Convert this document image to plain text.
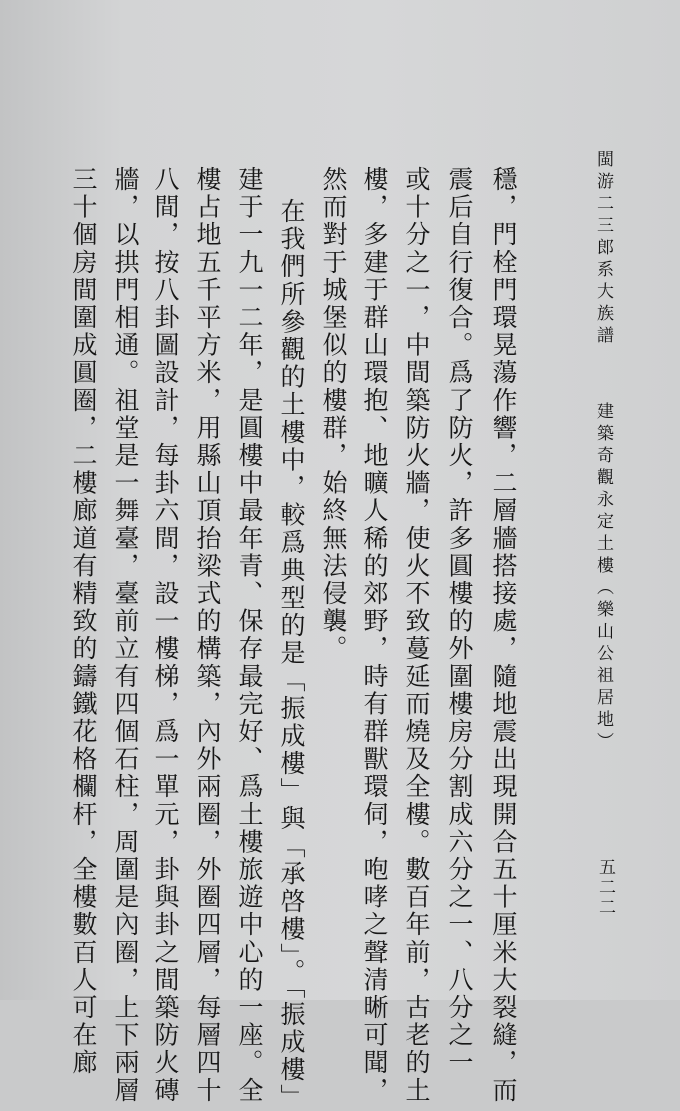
閩游二三郎系大族譜
建築奇觀永定土樓（樂山公祖居地）
五二二
穩，門栓門環晃蕩作響，二層牆搭接處，隨地震出現開合五十厘米大裂縫，而
震后自行復合。爲了防火，許多圓樓的外圍樓房分割成六分之一、八分之一
或十分之一，中間築防火牆，使火不致蔓延而燒及全樓。數百年前，古老的土
樓，多建于群山環抱、地曠人稀的郊野，時有群獸環伺，咆哮之聲清晰可聞，
然而對于城堡似的樓群，始終無法侵襲。
在我們所參觀的土樓中，較爲典型的是「振成樓」與「承啓樓」。「振成樓」
建于一九一二年，是圓樓中最年青、保存最完好、爲土樓旅遊中心的一座。全
樓占地五千平方米，用縣山頂抬梁式的構築，內外兩圈，外圈四層，每層四十
八間，按八卦圖設計，每卦六間，設一樓梯，爲一單元，卦與卦之間築防火磚
牆，以拱門相通。祖堂是一舞臺，臺前立有四個石柱，周圍是內圈，上下兩層
三十個房間圍成圓圈，二樓廊道有精致的鑄鐵花格欄杆，全樓數百人可在廊
